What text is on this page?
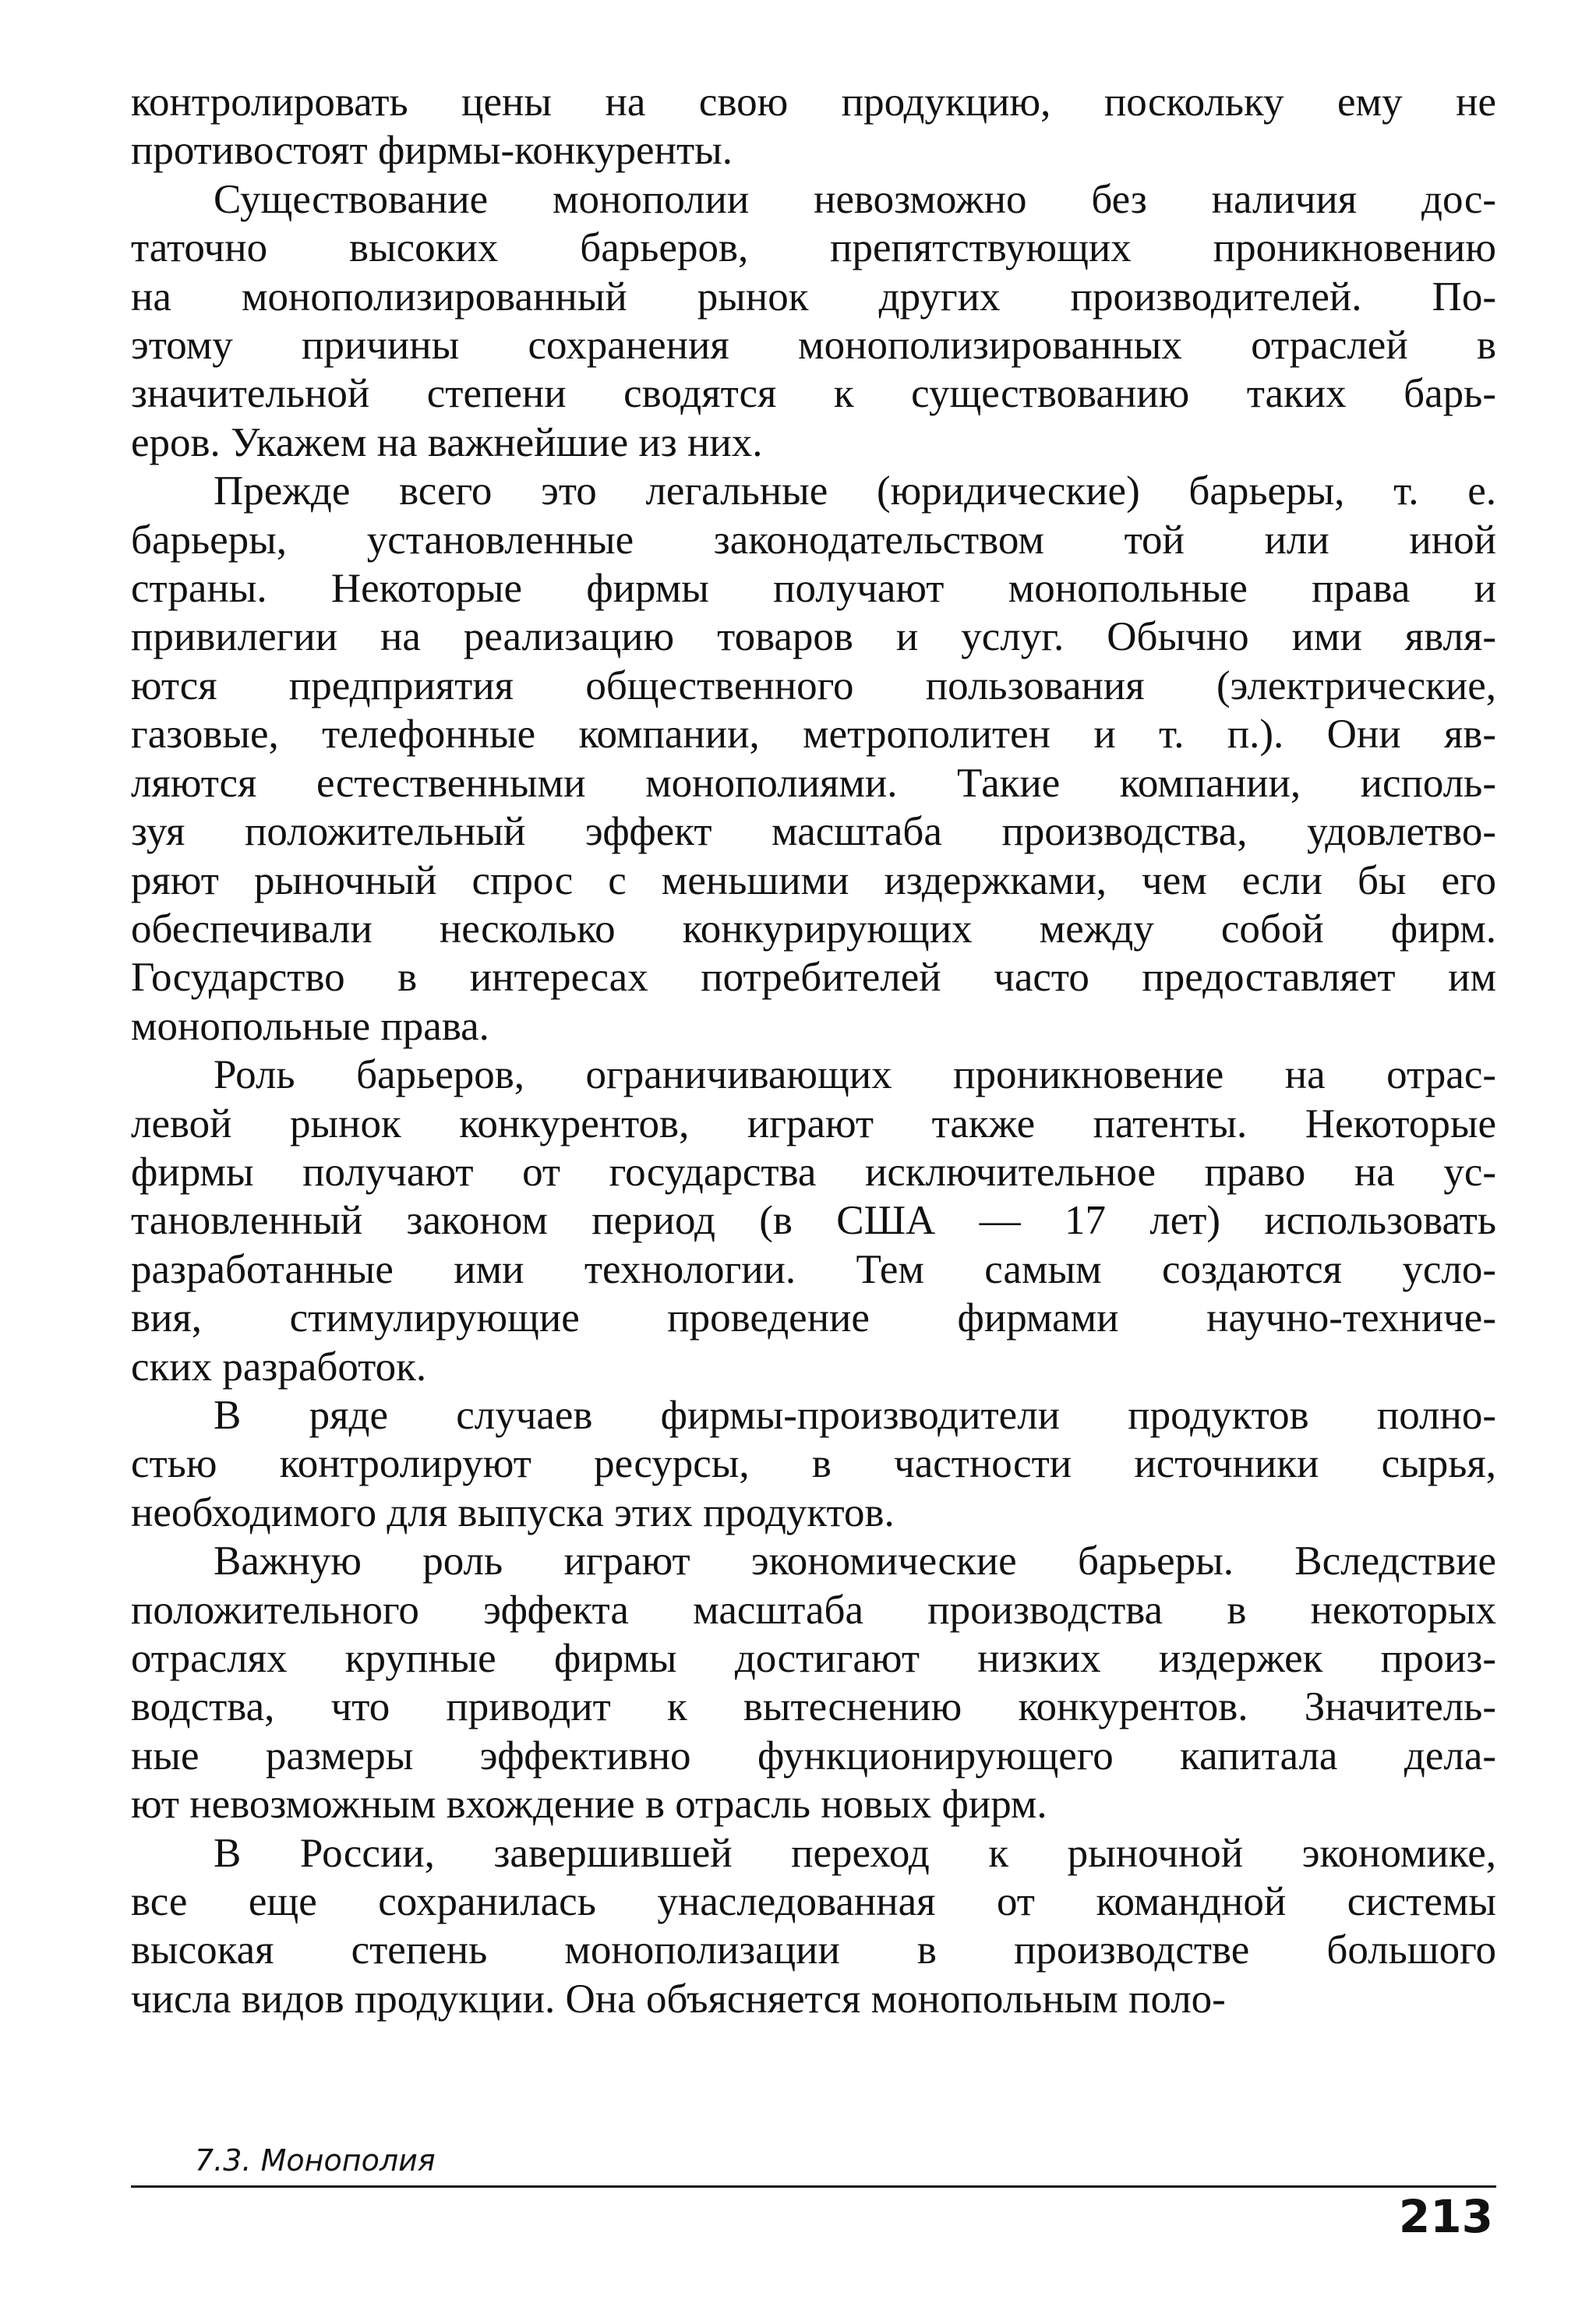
контролировать цены на свою продукцию, поскольку ему не
противостоят фирмы-конкуренты.

Существование монополии невозможно без наличия дос-
таточно высоких барьеров, препятствующих проникновению
на монополизированный рынок других производителей. По-
этому причины сохранения монополизированных отраслей в
значительной степени сводятся к существованию таких барь-
еров. Укажем на важнейшие из них.

Прежде всего это легальные (юридические) барьеры, т. е.
барьеры, установленные законодательством той или иной
страны. Некоторые фирмы получают монопольные права и
привилегии на реализацию товаров и услуг. Обычно ими явля-
ются предприятия общественного пользования (электрические,
газовые, телефонные компании, метрополитен и т. п.). Они яв-
ляются естественными монополиями. Такие компании, исполь-
зуя положительный эффект масштаба производства, удовлетво-
ряют рыночный спрос с меньшими издержками, чем если бы его
обеспечивали несколько конкурирующих между собой фирм.
Государство в интересах потребителей часто предоставляет им
монопольные права.

Роль барьеров, ограничивающих проникновение на отрас-
левой рынок конкурентов, играют также патенты. Некоторые
фирмы получают от государства исключительное право на ус-
тановленный законом период (в США — 17 лет) использовать
разработанные ими технологии. Тем самым создаются усло-
вия, стимулирующие проведение фирмами научно-техниче-
ских разработок.

В ряде случаев фирмы-производители продуктов полно-
стью контролируют ресурсы, в частности источники сырья,
необходимого для выпуска этих продуктов.

Важную роль играют экономические барьеры. Вследствие
положительного эффекта масштаба производства в некоторых
отраслях крупные фирмы достигают низких издержек произ-
водства, что приводит к вытеснению конкурентов. Значитель-
ные размеры эффективно функционирующего капитала дела-
ют невозможным вхождение в отрасль новых фирм.

В России, завершившей переход к рыночной экономике,
все еще сохранилась унаследованная от командной системы
высокая степень монополизации в производстве большого
числа видов продукции. Она объясняется монопольным поло-

7.3. Монополия
213
